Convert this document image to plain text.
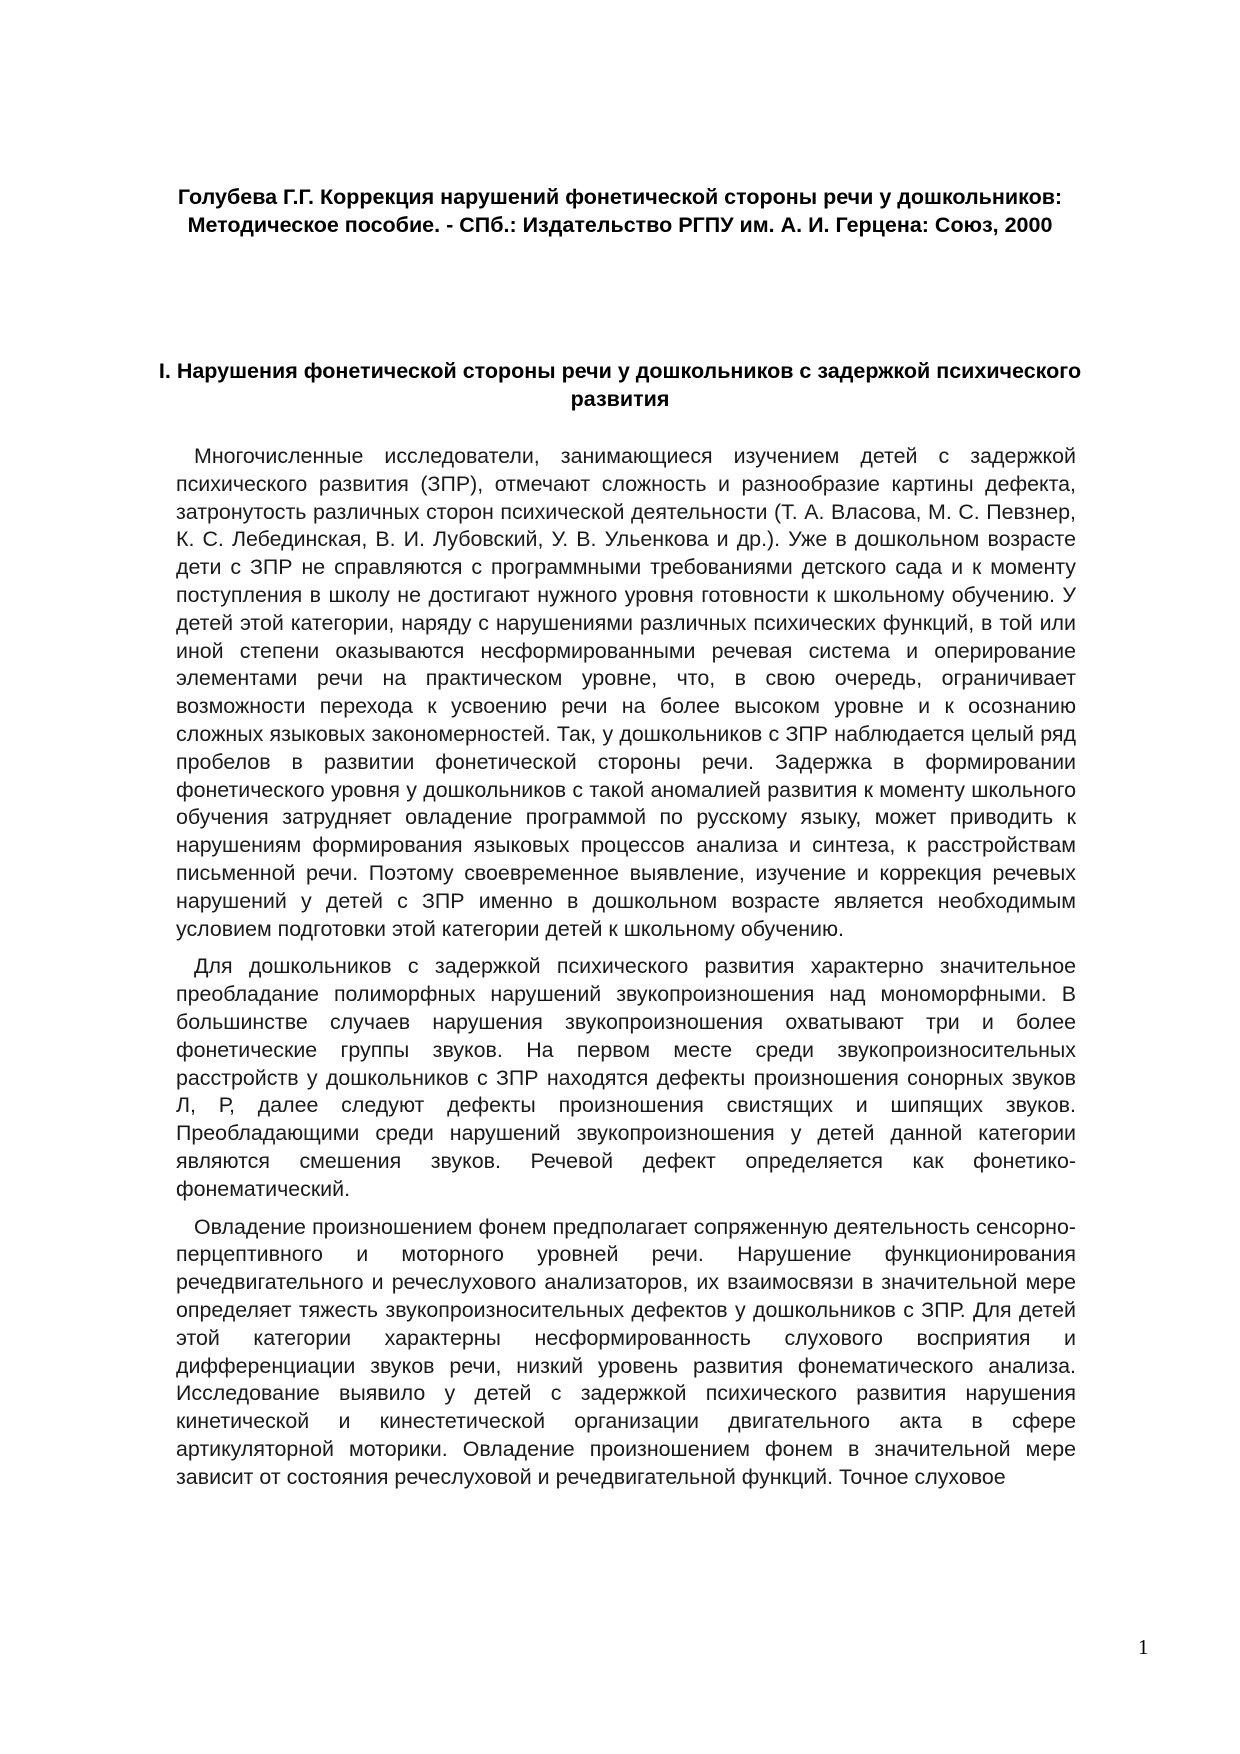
Голубева Г.Г. Коррекция нарушений фонетической стороны речи у дошкольников: Методическое пособие. - СПб.: Издательство РГПУ им. А. И. Герцена: Союз, 2000

I. Нарушения фонетической стороны речи у дошкольников с задержкой психического развития

Многочисленные исследователи, занимающиеся изучением детей с задержкой психического развития (ЗПР), отмечают сложность и разнообразие картины дефекта, затронутость различных сторон психической деятельности (Т. А. Власова, М. С. Певзнер, К. С. Лебединская, В. И. Лубовский, У. В. Ульенкова и др.). Уже в дошкольном возрасте дети с ЗПР не справляются с программными требованиями детского сада и к моменту поступления в школу не достигают нужного уровня готовности к школьному обучению. У детей этой категории, наряду с нарушениями различных психических функций, в той или иной степени оказываются несформированными речевая система и оперирование элементами речи на практическом уровне, что, в свою очередь, ограничивает возможности перехода к усвоению речи на более высоком уровне и к осознанию сложных языковых закономерностей. Так, у дошкольников с ЗПР наблюдается целый ряд пробелов в развитии фонетической стороны речи. Задержка в формировании фонетического уровня у дошкольников с такой аномалией развития к моменту школьного обучения затрудняет овладение программой по русскому языку, может приводить к нарушениям формирования языковых процессов анализа и синтеза, к расстройствам письменной речи. Поэтому своевременное выявление, изучение и коррекция речевых нарушений у детей с ЗПР именно в дошкольном возрасте является необходимым условием подготовки этой категории детей к школьному обучению.

Для дошкольников с задержкой психического развития характерно значительное преобладание полиморфных нарушений звукопроизношения над мономорфными. В большинстве случаев нарушения звукопроизношения охватывают три и более фонетические группы звуков. На первом месте среди звукопроизносительных расстройств у дошкольников с ЗПР находятся дефекты произношения сонорных звуков Л, Р, далее следуют дефекты произношения свистящих и шипящих звуков. Преобладающими среди нарушений звукопроизношения у детей данной категории являются смешения звуков. Речевой дефект определяется как фонетико-фонематический.

Овладение произношением фонем предполагает сопряженную деятельность сенсорно-перцептивного и моторного уровней речи. Нарушение функционирования речедвигательного и речеслухового анализаторов, их взаимосвязи в значительной мере определяет тяжесть звукопроизносительных дефектов у дошкольников с ЗПР. Для детей этой категории характерны несформированность слухового восприятия и дифференциации звуков речи, низкий уровень развития фонематического анализа. Исследование выявило у детей с задержкой психического развития нарушения кинетической и кинестетической организации двигательного акта в сфере артикуляторной моторики. Овладение произношением фонем в значительной мере зависит от состояния речеслуховой и речедвигательной функций. Точное слуховое

1
